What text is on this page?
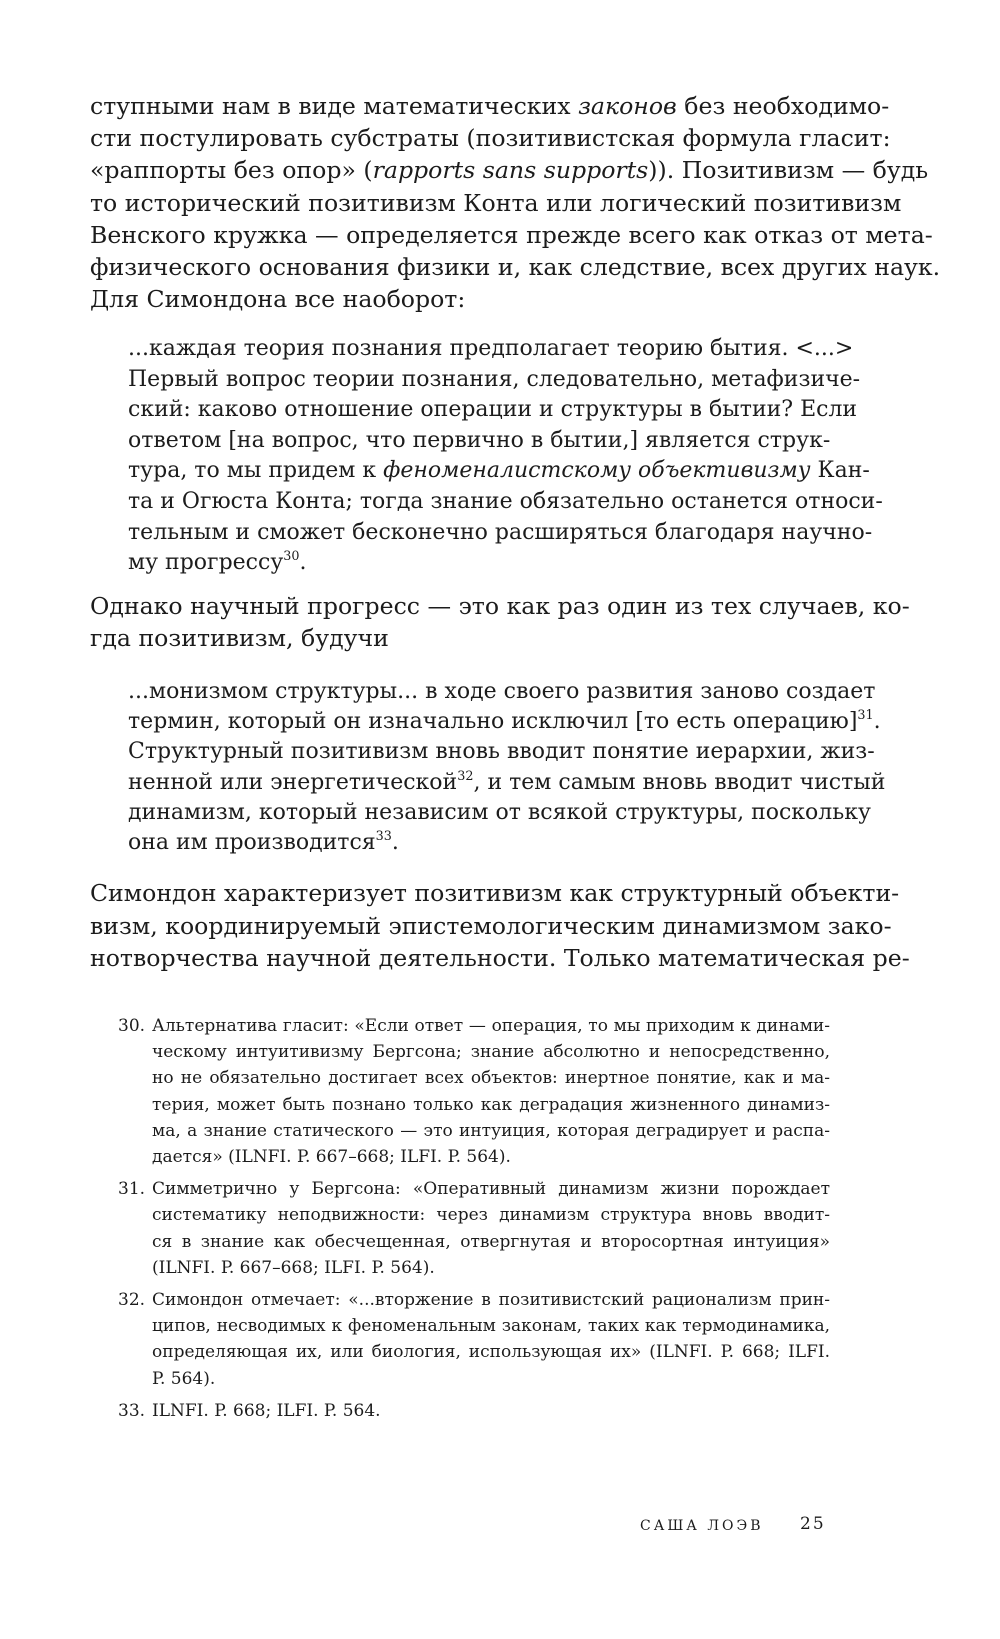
ступными нам в виде математических законов без необходимо-
сти постулировать субстраты (позитивистская формула гласит:
«раппорты без опор» (rapports sans supports)). Позитивизм — будь
то исторический позитивизм Конта или логический позитивизм
Венского кружка — определяется прежде всего как отказ от мета-
физического основания физики и, как следствие, всех других наук.
Для Симондона все наоборот:
...каждая теория познания предполагает теорию бытия. <...>
Первый вопрос теории познания, следовательно, метафизиче-
ский: каково отношение операции и структуры в бытии? Если
ответом [на вопрос, что первично в бытии,] является струк-
тура, то мы придем к феноменалистскому объективизму Кан-
та и Огюста Конта; тогда знание обязательно останется относи-
тельным и сможет бесконечно расширяться благодаря научно-
му прогрессу$^{30}$.
Однако научный прогресс — это как раз один из тех случаев, ко-
гда позитивизм, будучи
...монизмом структуры... в ходе своего развития заново создает
термин, который он изначально исключил [то есть операцию]$^{31}$.
Структурный позитивизм вновь вводит понятие иерархии, жиз-
ненной или энергетической$^{32}$, и тем самым вновь вводит чистый
динамизм, который независим от всякой структуры, поскольку
она им производится$^{33}$.
Симондон характеризует позитивизм как структурный объекти-
визм, координируемый эпистемологическим динамизмом зако-
нотворчества научной деятельности. Только математическая ре-
30. Альтернатива гласит: «Если ответ — операция, то мы приходим к динами-
ческому интуитивизму Бергсона; знание абсолютно и непосредственно,
но не обязательно достигает всех объектов: инертное понятие, как и ма-
терия, может быть познано только как деградация жизненного динамиз-
ма, а знание статического — это интуиция, которая деградирует и распа-
дается» (ILNFI. P. 667–668; ILFI. P. 564).
31. Симметрично у Бергсона: «Оперативный динамизм жизни порождает
систематику неподвижности: через динамизм структура вновь вводит-
ся в знание как обесчещенная, отвергнутая и второсортная интуиция»
(ILNFI. P. 667–668; ILFI. P. 564).
32. Симондон отмечает: «...вторжение в позитивистский рационализм прин-
ципов, несводимых к феноменальным законам, таких как термодинамика,
определяющая их, или биология, использующая их» (ILNFI. P. 668; ILFI.
P. 564).
33. ILNFI. P. 668; ILFI. P. 564.
САША ЛОЭВ 25
